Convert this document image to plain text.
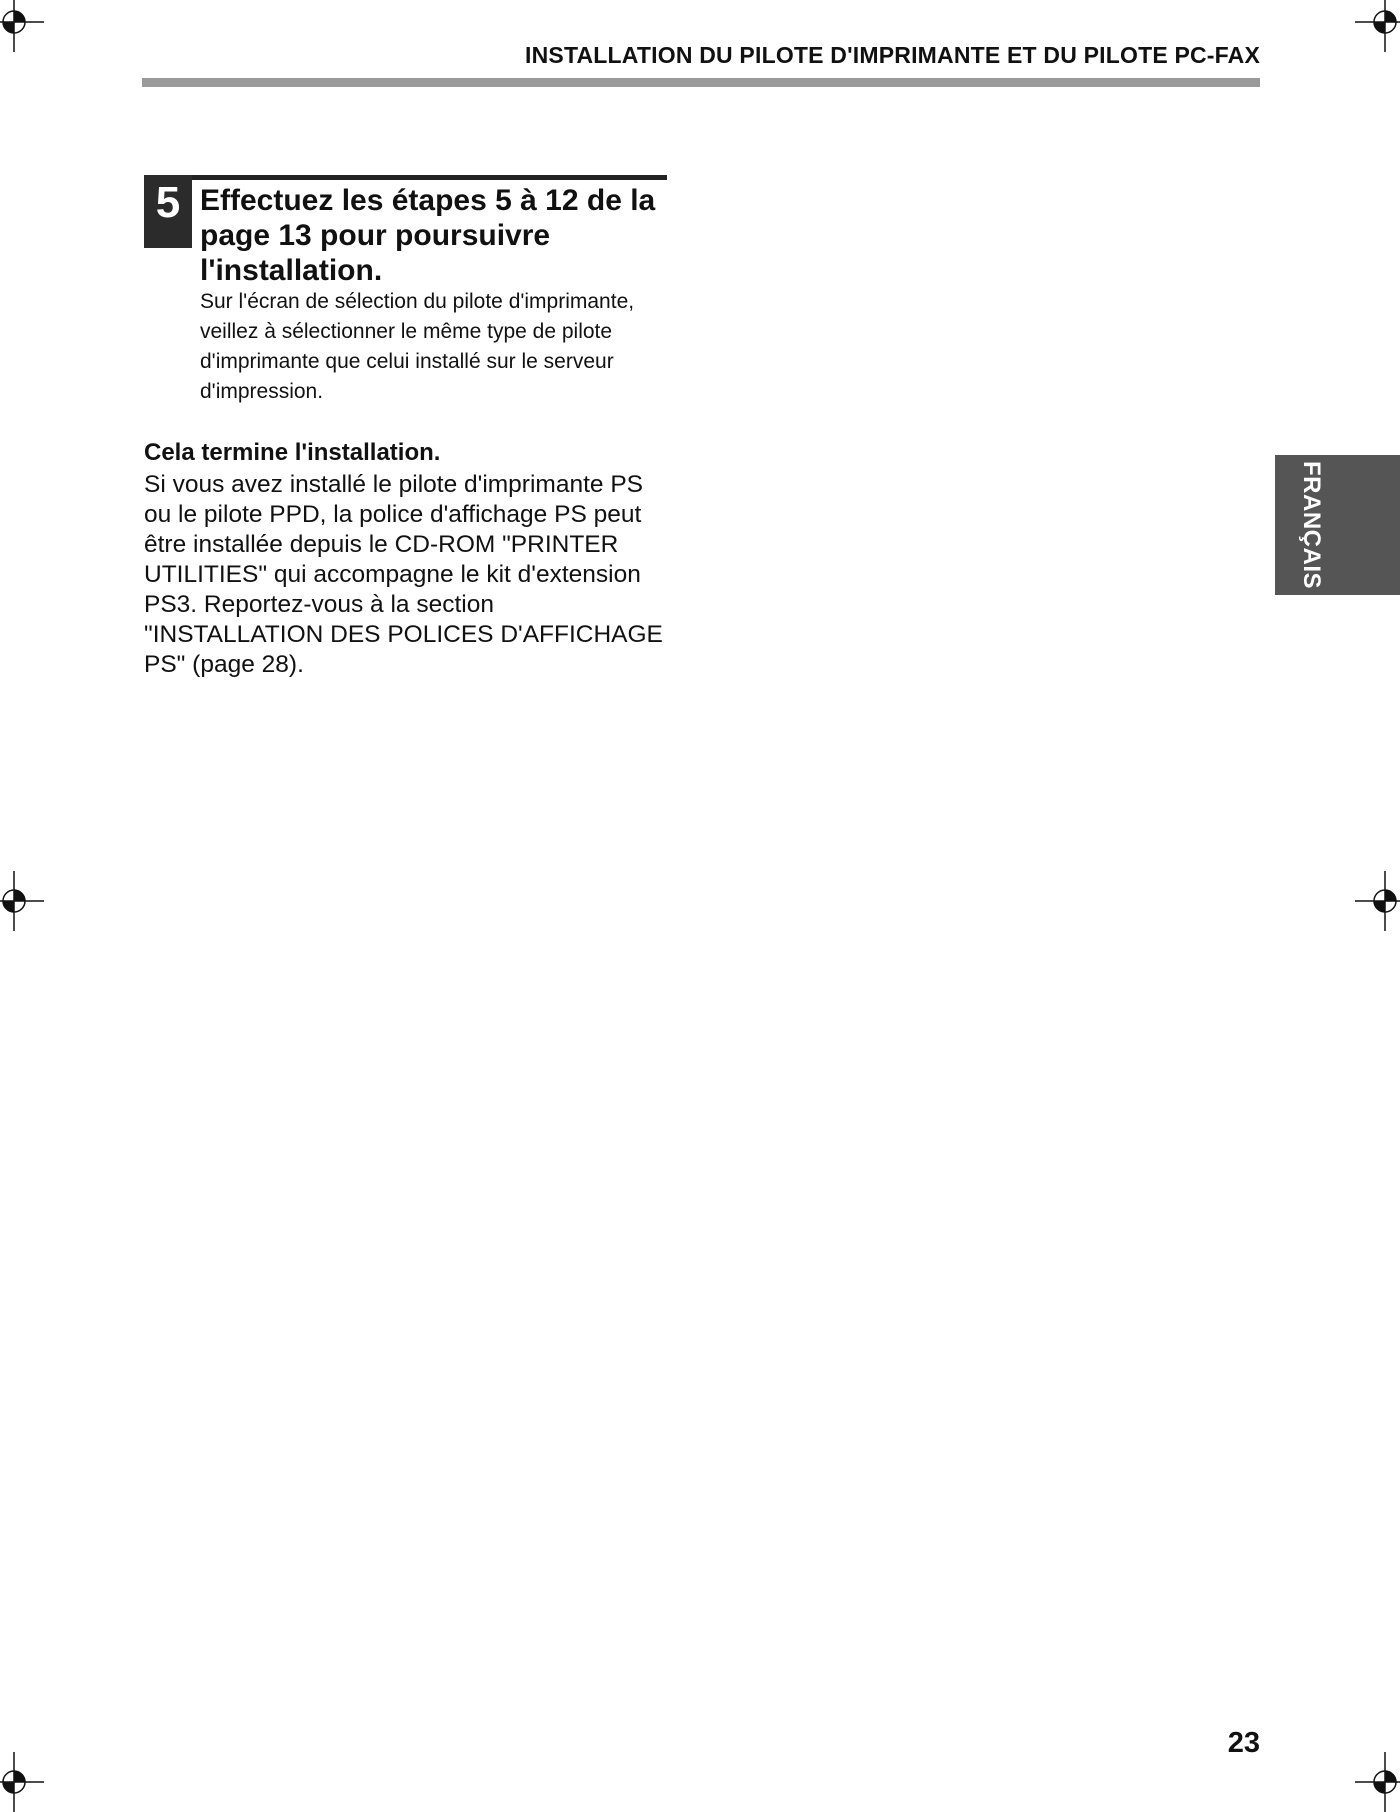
INSTALLATION DU PILOTE D'IMPRIMANTE ET DU PILOTE PC-FAX
5 Effectuez les étapes 5 à 12 de la page 13 pour poursuivre l'installation.

Sur l'écran de sélection du pilote d'imprimante, veillez à sélectionner le même type de pilote d'imprimante que celui installé sur le serveur d'impression.

Cela termine l'installation.

Si vous avez installé le pilote d'imprimante PS ou le pilote PPD, la police d'affichage PS peut être installée depuis le CD-ROM "PRINTER UTILITIES" qui accompagne le kit d'extension PS3. Reportez-vous à la section "INSTALLATION DES POLICES D'AFFICHAGE PS" (page 28).

FRANÇAIS
23
